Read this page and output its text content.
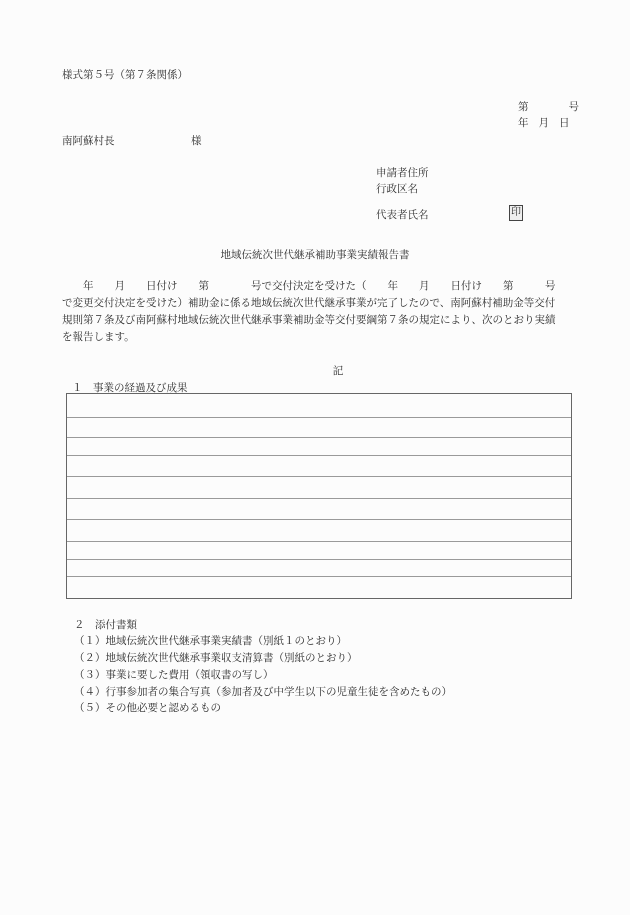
様式第５号（第７条関係）
第	号
年 月 日
南阿蘇村長	様
申請者住所
行政区名
代表者氏名	印
地域伝統次世代継承補助事業実績報告書

　　年　　月　　日付け　　第　　　　号で交付決定を受けた（　　年　　月　　日付け　　第　　　号

で変更交付決定を受けた）補助金に係る地域伝統次世代継承事業が完了したので、南阿蘇村補助金等交付

規則第７条及び南阿蘇村地域伝統次世代継承事業補助金等交付要綱第７条の規定により、次のとおり実績

を報告します。

記
１　事業の経過及び成果
２　添付書類
（１）地域伝統次世代継承事業実績書（別紙１のとおり）
（２）地域伝統次世代継承事業収支清算書（別紙のとおり）
（３）事業に要した費用（領収書の写し）
（４）行事参加者の集合写真（参加者及び中学生以下の児童生徒を含めたもの）
（５）その他必要と認めるもの
